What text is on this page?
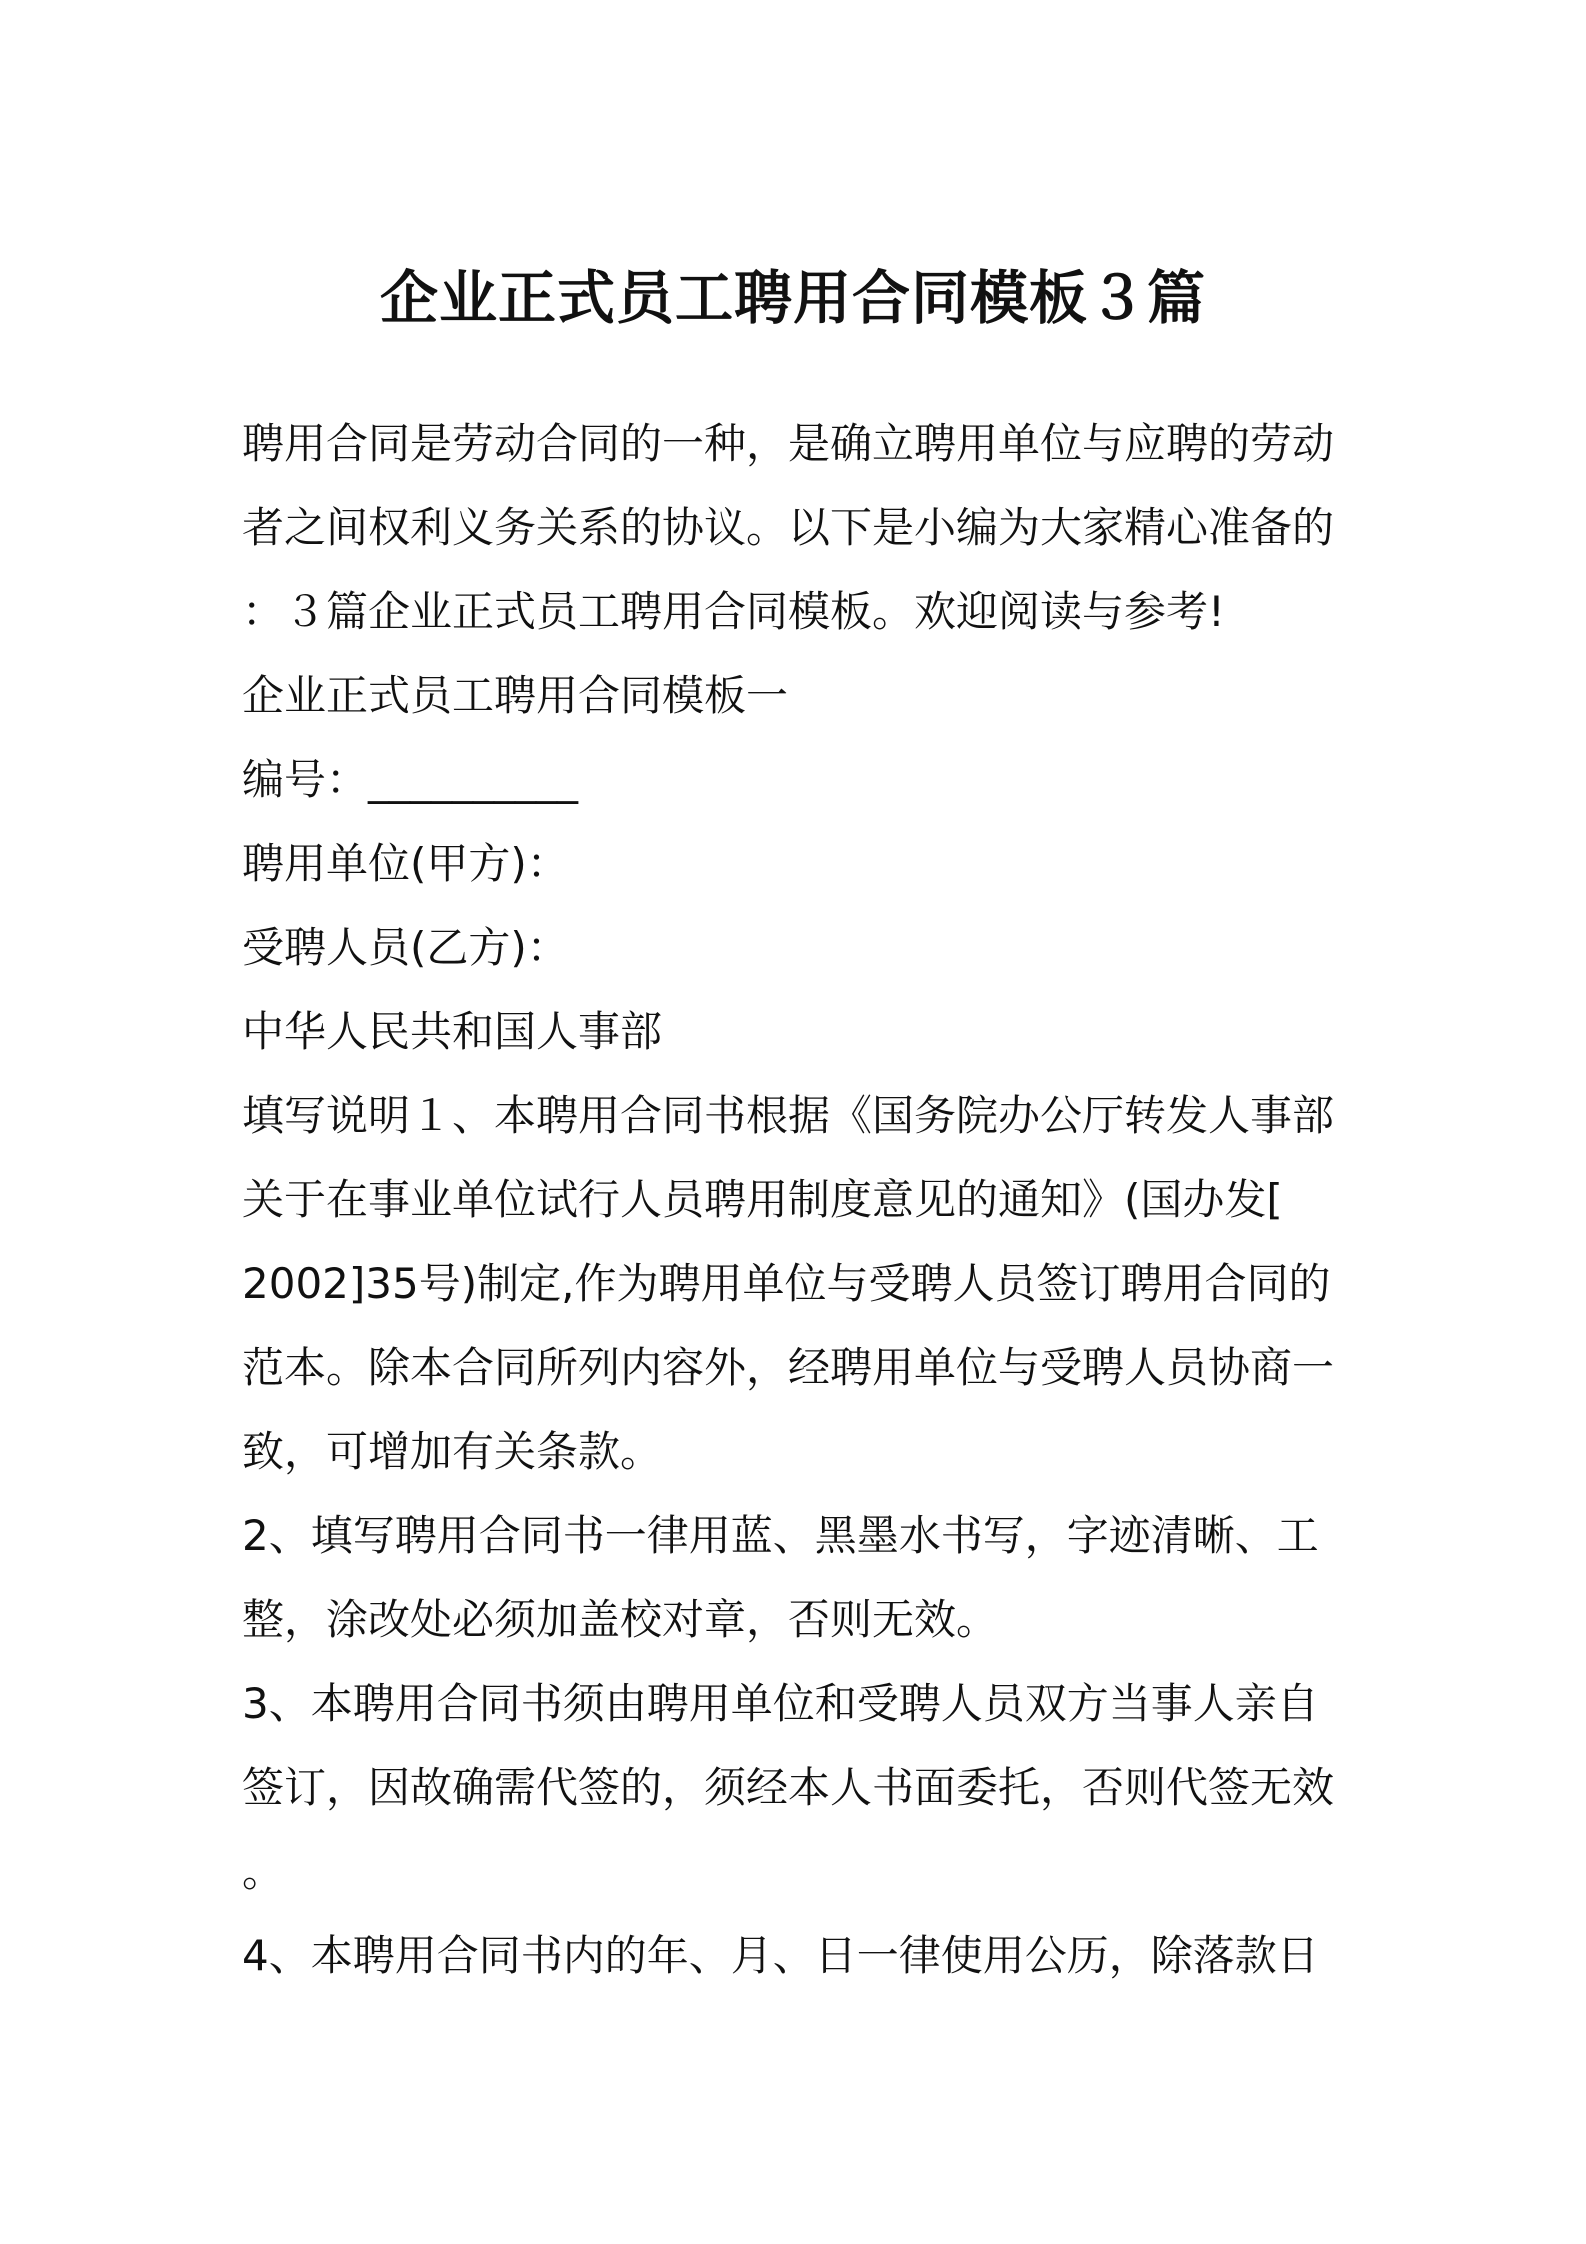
企业正式员工聘用合同模板３篇

聘用合同是劳动合同的一种，是确立聘用单位与应聘的劳动

者之间权利义务关系的协议。以下是小编为大家精心准备的

：３篇企业正式员工聘用合同模板。欢迎阅读与参考!

企业正式员工聘用合同模板一

编号：__________

聘用单位(甲方)：

受聘人员(乙方)：

中华人民共和国人事部

填写说明１、本聘用合同书根据《国务院办公厅转发人事部

关于在事业单位试行人员聘用制度意见的通知》(国办发[

2002]35号)制定,作为聘用单位与受聘人员签订聘用合同的

范本。除本合同所列内容外，经聘用单位与受聘人员协商一

致，可增加有关条款。

2、填写聘用合同书一律用蓝、黑墨水书写，字迹清晰、工

整，涂改处必须加盖校对章，否则无效。

3、本聘用合同书须由聘用单位和受聘人员双方当事人亲自

签订，因故确需代签的，须经本人书面委托，否则代签无效

。

4、本聘用合同书内的年、月、日一律使用公历，除落款日
